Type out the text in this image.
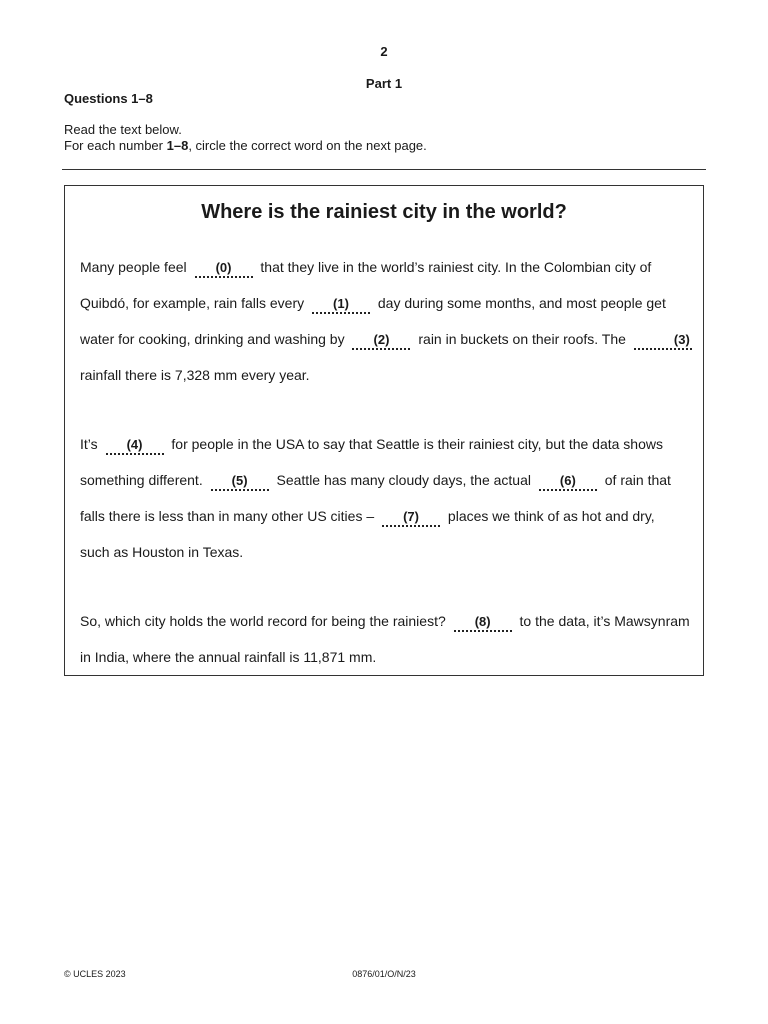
2
Part 1
Questions 1–8

Read the text below.

For each number 1–8, circle the correct word on the next page.

Where is the rainiest city in the world?

Many people feel (0) that they live in the world’s rainiest city. In the Colombian city of
Quibdó, for example, rain falls every (1) day during some months, and most people get
water for cooking, drinking and washing by (2) rain in buckets on their roofs. The	(3)
rainfall there is 7,328 mm every year.

It’s (4) for people in the USA to say that Seattle is their rainiest city, but the data shows
something different. (5) Seattle has many cloudy days, the actual (6) of rain that
falls there is less than in many other US cities – (7) places we think of as hot and dry,
such as Houston in Texas.

So, which city holds the world record for being the rainiest? (8) to the data, it’s Mawsynram
in India, where the annual rainfall is 11,871 mm.

© UCLES 2023	0876/01/O/N/23
